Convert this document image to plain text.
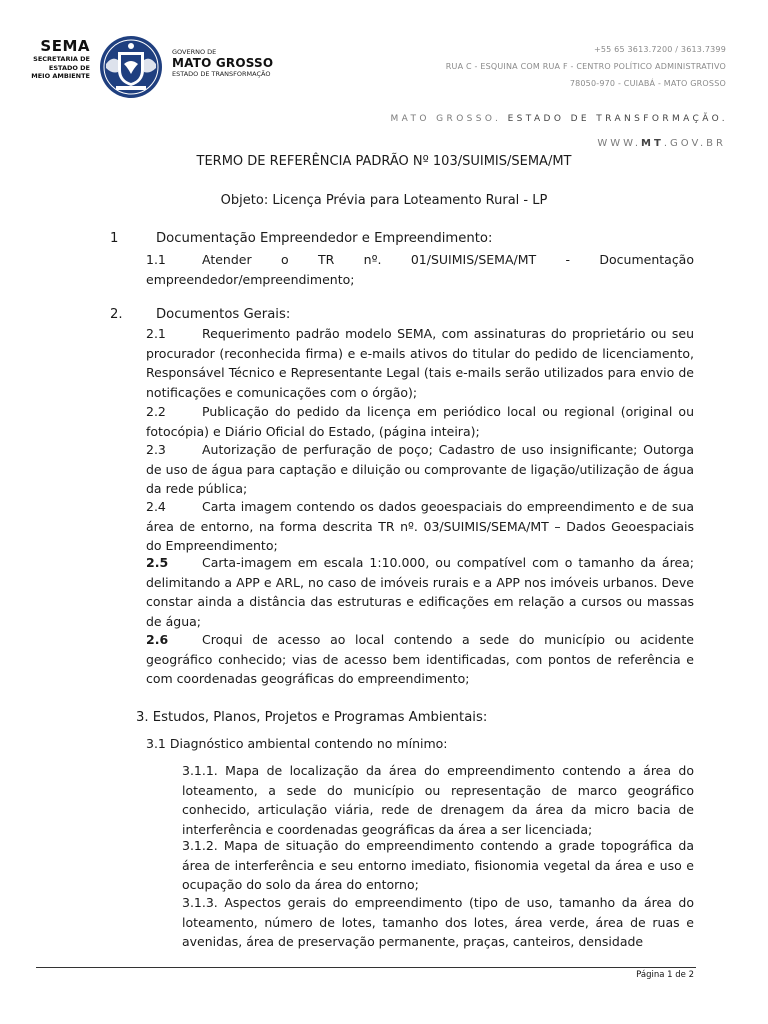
SEMA
SECRETARIA DE
ESTADO DE
MEIO AMBIENTE
GOVERNO DE
MATO GROSSO
ESTADO DE TRANSFORMAÇÃO
+55 65 3613.7200 / 3613.7399
RUA C - ESQUINA COM RUA F - CENTRO POLÍTICO ADMINISTRATIVO
78050-970 - CUIABÁ - MATO GROSSO
MATO GROSSO. ESTADO DE TRANSFORMAÇÃO.
WWW.MT.GOV.BR
TERMO DE REFERÊNCIA PADRÃO Nº 103/SUIMIS/SEMA/MT
Objeto: Licença Prévia para Loteamento Rural - LP
1	Documentação Empreendedor e Empreendimento:
1.1	Atender o TR nº. 01/SUIMIS/SEMA/MT - Documentação empreendedor/empreendimento;
2.	Documentos Gerais:
2.1	Requerimento padrão modelo SEMA, com assinaturas do proprietário ou seu procurador (reconhecida firma) e e-mails ativos do titular do pedido de licenciamento, Responsável Técnico e Representante Legal (tais e-mails serão utilizados para envio de notificações e comunicações com o órgão);
2.2	Publicação do pedido da licença em periódico local ou regional (original ou fotocópia) e Diário Oficial do Estado, (página inteira);
2.3	Autorização de perfuração de poço; Cadastro de uso insignificante; Outorga de uso de água para captação e diluição ou comprovante de ligação/utilização de água da rede pública;
2.4	Carta imagem contendo os dados geoespaciais do empreendimento e de sua área de entorno, na forma descrita TR nº. 03/SUIMIS/SEMA/MT – Dados Geoespaciais do Empreendimento;
2.5	Carta-imagem em escala 1:10.000, ou compatível com o tamanho da área; delimitando a APP e ARL, no caso de imóveis rurais e a APP nos imóveis urbanos. Deve constar ainda a distância das estruturas e edificações em relação a cursos ou massas de água;
2.6	Croqui de acesso ao local contendo a sede do município ou acidente geográfico conhecido; vias de acesso bem identificadas, com pontos de referência e com coordenadas geográficas do empreendimento;
3. Estudos, Planos, Projetos e Programas Ambientais:
3.1 Diagnóstico ambiental contendo no mínimo:
3.1.1. Mapa de localização da área do empreendimento contendo a área do loteamento, a sede do município ou representação de marco geográfico conhecido, articulação viária, rede de drenagem da área da micro bacia de interferência e coordenadas geográficas da área a ser licenciada;
3.1.2. Mapa de situação do empreendimento contendo a grade topográfica da área de interferência e seu entorno imediato, fisionomia vegetal da área e uso e ocupação do solo da área do entorno;
3.1.3. Aspectos gerais do empreendimento (tipo de uso, tamanho da área do loteamento, número de lotes, tamanho dos lotes, área verde, área de ruas e avenidas, área de preservação permanente, praças, canteiros, densidade
Página 1 de 2
